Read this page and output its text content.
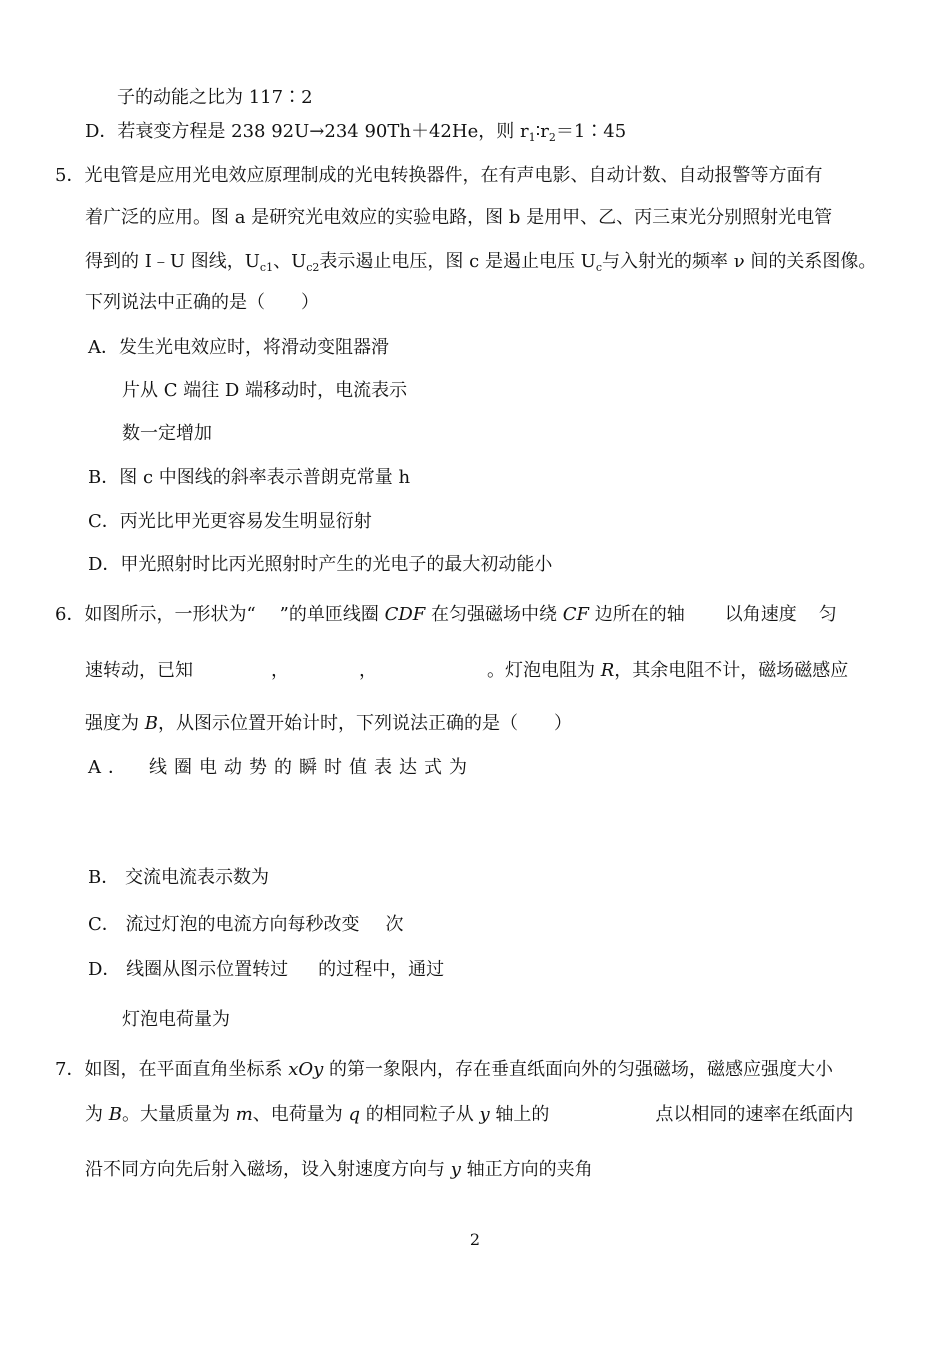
子的动能之比为 117∶2
D．若衰变方程是 238 92U→234 90Th＋42He，则 $r_1∶r_2=1∶45$
5．光电管是应用光电效应原理制成的光电转换器件，在有声电影、自动计数、自动报警等方面有
着广泛的应用。图 a 是研究光电效应的实验电路，图 b 是用甲、乙、丙三束光分别照射光电管
得到的 I﹣U 图线，$U_{c1}$、$U_{c2}$表示遏止电压，图 c 是遏止电压 $U_c$与入射光的频率 ν 间的关系图像。
下列说法中正确的是（　　）
A．发生光电效应时，将滑动变阻器滑
片从 C 端往 D 端移动时，电流表示
数一定增加
B．图 c 中图线的斜率表示普朗克常量 h
C．丙光比甲光更容易发生明显衍射
D．甲光照射时比丙光照射时产生的光电子的最大初动能小
6．如图所示，一形状为“ ”的单匝线圈 CDF 在匀强磁场中绕 CF 边所在的轴 以角速度 匀
速转动，已知	，	，	。灯泡电阻为 R，其余电阻不计，磁场磁感应
强度为 B，从图示位置开始计时，下列说法正确的是（　　）
A．　线圈电动势的瞬时值表达式为
B． 交流电流表示数为
C． 流过灯泡的电流方向每秒改变 次
D． 线圈从图示位置转过 的过程中，通过
灯泡电荷量为
7．如图，在平面直角坐标系 xOy 的第一象限内，存在垂直纸面向外的匀强磁场，磁感应强度大小
为 B。大量质量为 m、电荷量为 q 的相同粒子从 y 轴上的	点以相同的速率在纸面内
沿不同方向先后射入磁场，设入射速度方向与 y 轴正方向的夹角
2
